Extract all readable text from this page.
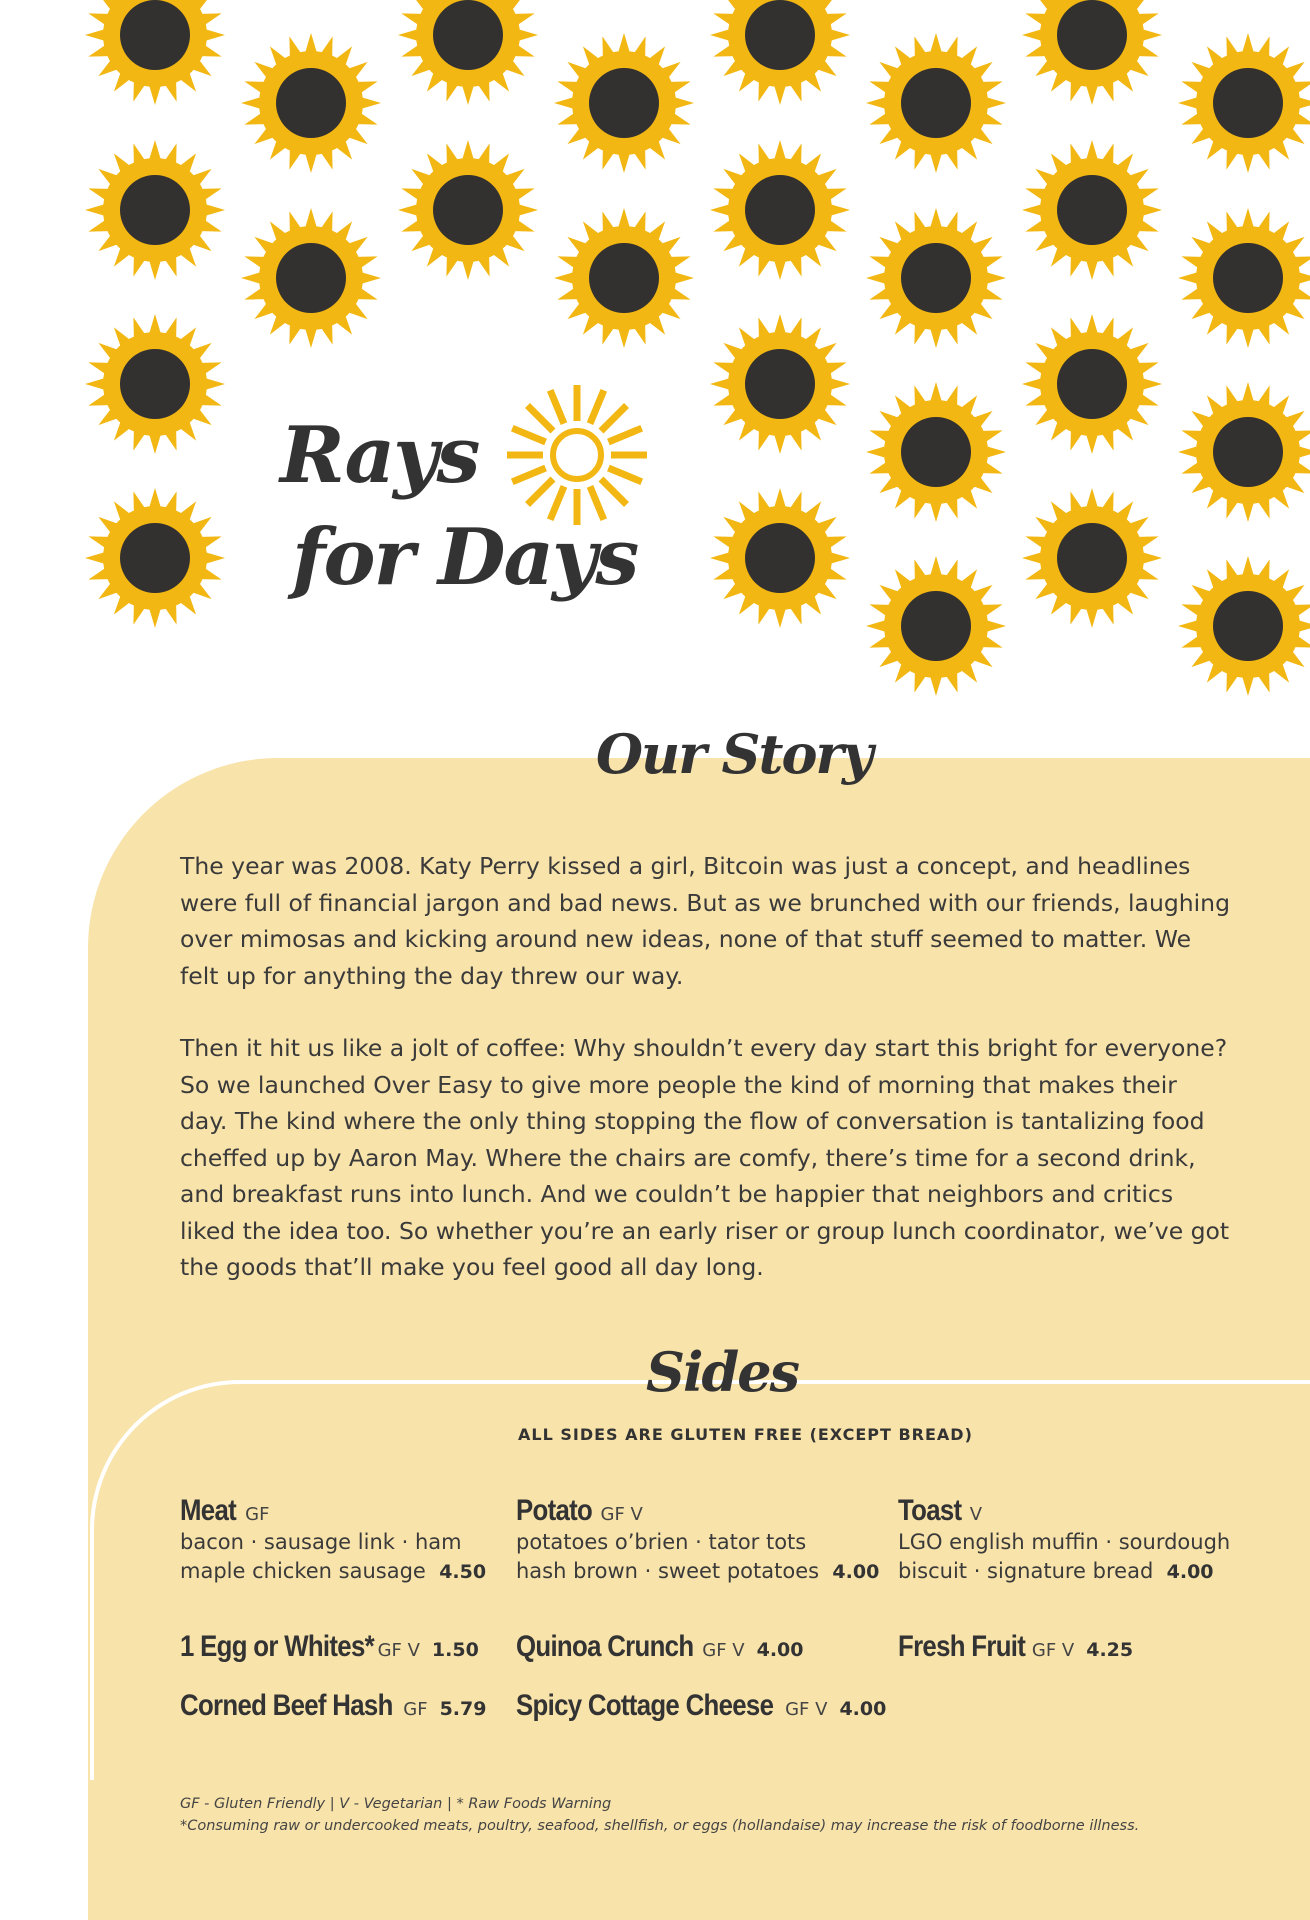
Rays
for Days
Our Story

The year was 2008. Katy Perry kissed a girl, Bitcoin was just a concept, and headlines were full of financial jargon and bad news. But as we brunched with our friends, laughing over mimosas and kicking around new ideas, none of that stuff seemed to matter. We felt up for anything the day threw our way.

Then it hit us like a jolt of coffee: Why shouldn’t every day start this bright for everyone? So we launched Over Easy to give more people the kind of morning that makes their day. The kind where the only thing stopping the flow of conversation is tantalizing food cheffed up by Aaron May. Where the chairs are comfy, there’s time for a second drink, and breakfast runs into lunch. And we couldn’t be happier that neighbors and critics liked the idea too. So whether you’re an early riser or group lunch coordinator, we’ve got the goods that’ll make you feel good all day long.

Sides
ALL SIDES ARE GLUTEN FREE (EXCEPT BREAD)
Meat GF
bacon · sausage link · ham
maple chicken sausage 4.50
Potato GF V
potatoes o’brien · tator tots
hash brown · sweet potatoes 4.00
Toast V
LGO english muffin · sourdough
biscuit · signature bread 4.00
1 Egg or Whites* GF V 1.50 Quinoa Crunch GF V 4.00	Fresh Fruit GF V 4.25
Corned Beef Hash GF 5.79 Spicy Cottage Cheese GF V 4.00
GF - Gluten Friendly | V - Vegetarian | * Raw Foods Warning
*Consuming raw or undercooked meats, poultry, seafood, shellfish, or eggs (hollandaise) may increase the risk of foodborne illness.
